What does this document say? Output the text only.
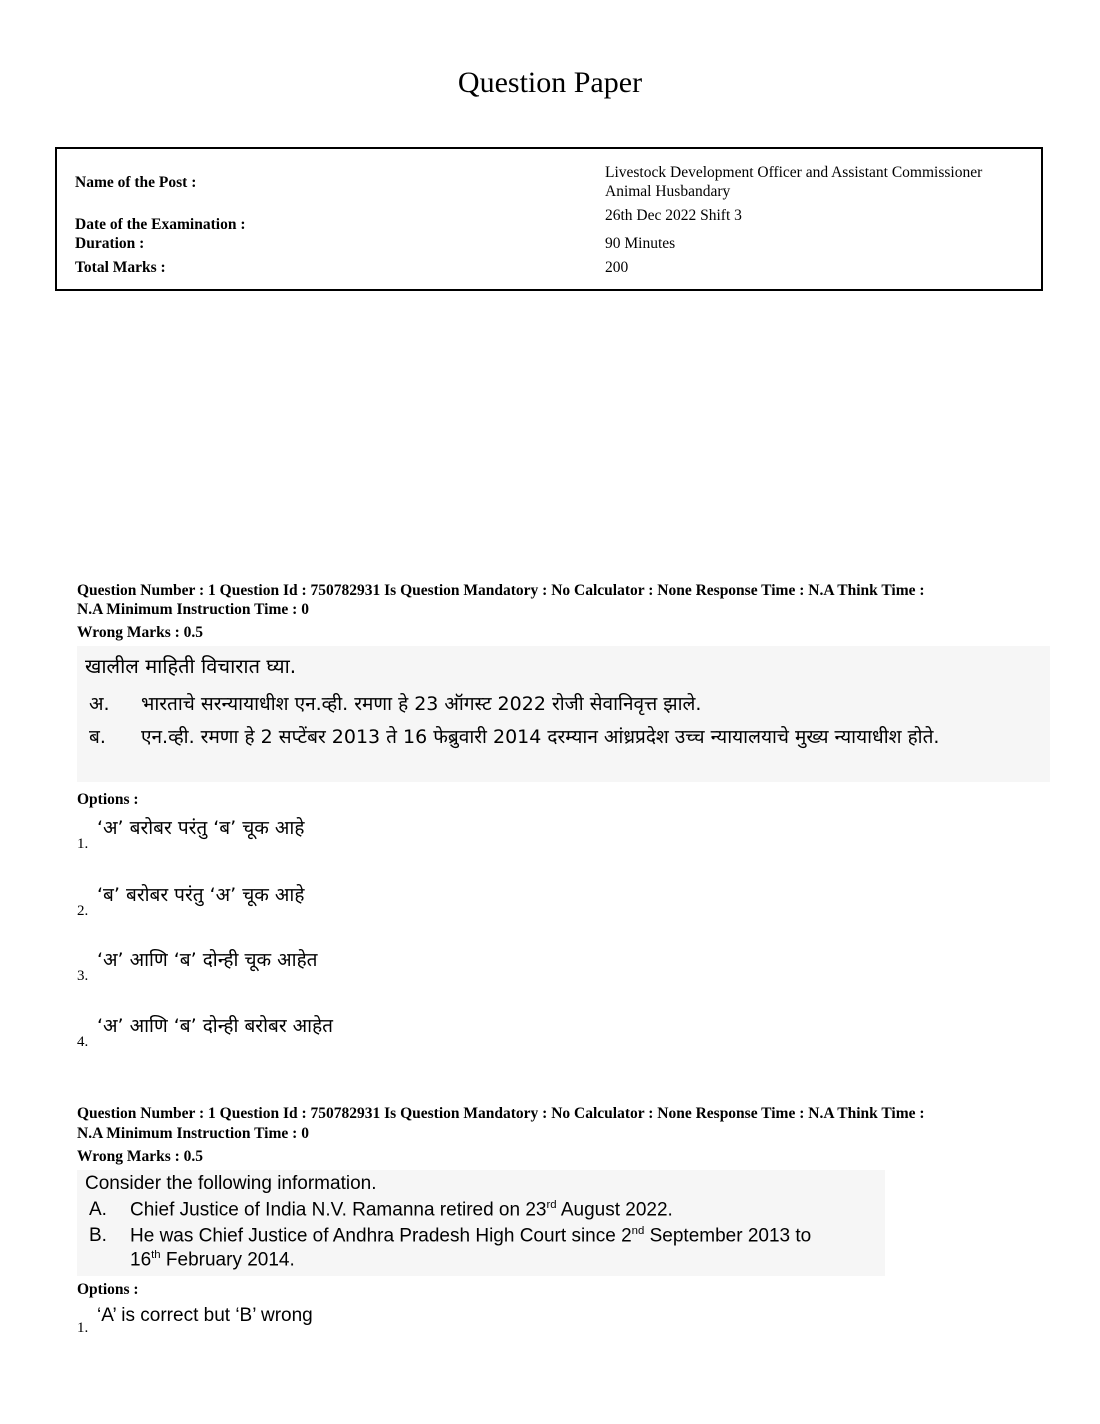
Question Paper
Name of the Post :
Livestock Development Officer and Assistant Commissioner
Animal Husbandary
Date of the Examination :
26th Dec 2022 Shift 3
Duration :	90 Minutes
Total Marks :	200
Question Number : 1 Question Id : 750782931 Is Question Mandatory : No Calculator : None Response Time : N.A Think Time :
N.A Minimum Instruction Time : 0
Wrong Marks : 0.5
खालील माहिती विचारात घ्या.
अ.	भारताचे सरन्यायाधीश एन.व्ही. रमणा हे 23 ऑगस्ट 2022 रोजी सेवानिवृत्त झाले.
ब.	एन.व्ही. रमणा हे 2 सप्टेंबर 2013 ते 16 फेब्रुवारी 2014 दरम्यान आंध्रप्रदेश उच्च न्यायालयाचे मुख्य न्यायाधीश होते.
Options :
1.
‘अ’ बरोबर परंतु ‘ब’ चूक आहे
2.
‘ब’ बरोबर परंतु ‘अ’ चूक आहे
3.
‘अ’ आणि ‘ब’ दोन्ही चूक आहेत
4.
‘अ’ आणि ‘ब’ दोन्ही बरोबर आहेत
Question Number : 1 Question Id : 750782931 Is Question Mandatory : No Calculator : None Response Time : N.A Think Time :
N.A Minimum Instruction Time : 0
Wrong Marks : 0.5
Consider the following information.
A.	Chief Justice of India N.V. Ramanna retired on 23rd August 2022.
B.	He was Chief Justice of Andhra Pradesh High Court since 2nd September 2013 to
16th February 2014.
Options :
1.
‘A’ is correct but ‘B’ wrong
